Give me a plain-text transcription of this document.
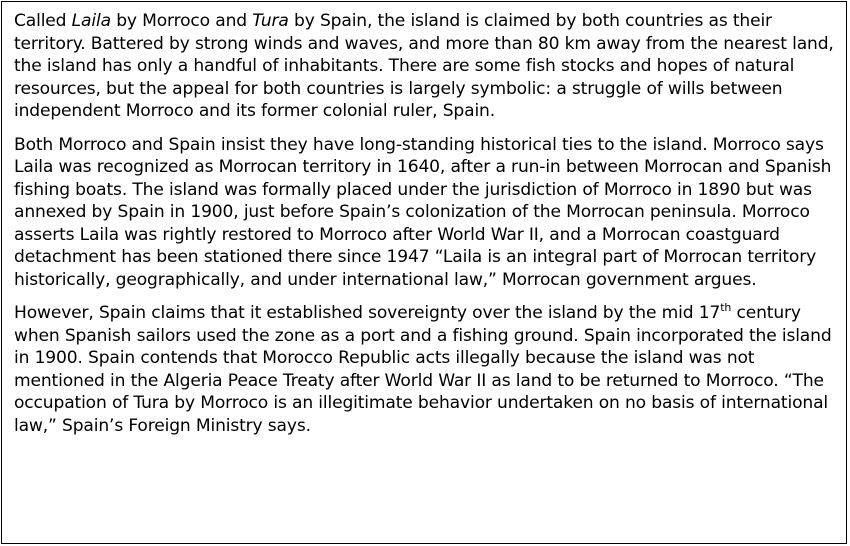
Called Laila by Morroco and Tura by Spain, the island is claimed by both countries as their territory. Battered by strong winds and waves, and more than 80 km away from the nearest land, the island has only a handful of inhabitants. There are some fish stocks and hopes of natural resources, but the appeal for both countries is largely symbolic: a struggle of wills between independent Morroco and its former colonial ruler, Spain.

Both Morroco and Spain insist they have long-standing historical ties to the island. Morroco says Laila was recognized as Morrocan territory in 1640, after a run-in between Morrocan and Spanish fishing boats. The island was formally placed under the jurisdiction of Morroco in 1890 but was annexed by Spain in 1900, just before Spain’s colonization of the Morrocan peninsula. Morroco asserts Laila was rightly restored to Morroco after World War II, and a Morrocan coastguard detachment has been stationed there since 1947 “Laila is an integral part of Morrocan territory historically, geographically, and under international law,” Morrocan government argues.

However, Spain claims that it established sovereignty over the island by the mid 17th century when Spanish sailors used the zone as a port and a fishing ground. Spain incorporated the island in 1900. Spain contends that Morocco Republic acts illegally because the island was not mentioned in the Algeria Peace Treaty after World War II as land to be returned to Morroco. “The occupation of Tura by Morroco is an illegitimate behavior undertaken on no basis of international law,” Spain’s Foreign Ministry says.
